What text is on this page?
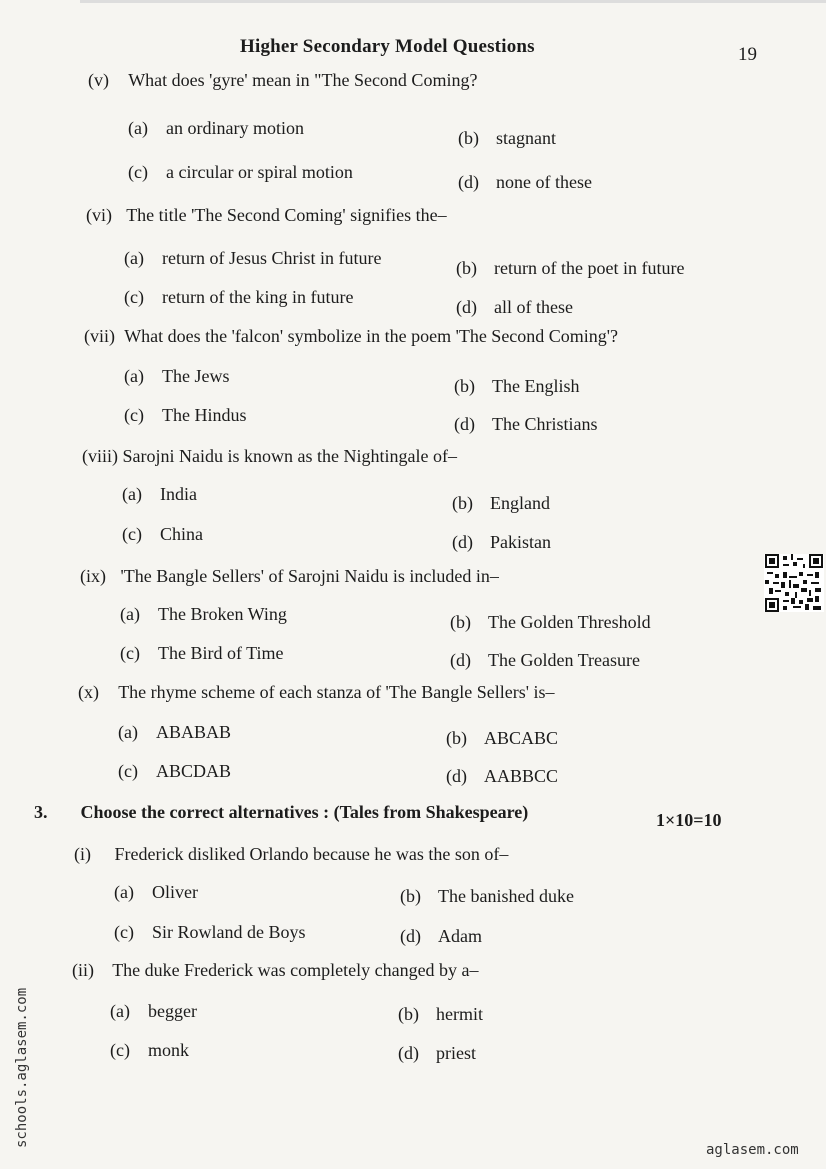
Higher Secondary Model Questions	19
(v) What does 'gyre' mean in "The Second Coming?
(a) an ordinary motion	(b) stagnant
(c) a circular or spiral motion	(d) none of these
(vi) The title 'The Second Coming' signifies the–
(a) return of Jesus Christ in future	(b) return of the poet in future
(c) return of the king in future	(d) all of these
(vii) What does the 'falcon' symbolize in the poem 'The Second Coming'?
(a) The Jews	(b) The English
(c) The Hindus	(d) The Christians
(viii) Sarojni Naidu is known as the Nightingale of–
(a) India	(b) England
(c) China	(d) Pakistan
(ix) 'The Bangle Sellers' of Sarojni Naidu is included in–
(a) The Broken Wing	(b) The Golden Threshold
(c) The Bird of Time	(d) The Golden Treasure
(x) The rhyme scheme of each stanza of 'The Bangle Sellers' is–
(a) ABABAB	(b) ABCABC
(c) ABCDAB	(d) AABBCC
3. Choose the correct alternatives : (Tales from Shakespeare)	1×10=10
(i) Frederick disliked Orlando because he was the son of–
(a) Oliver	(b) The banished duke
(c) Sir Rowland de Boys	(d) Adam
(ii) The duke Frederick was completely changed by a–
(a) begger	(b) hermit
(c) monk	(d) priest
schools.aglasem.com
aglasem.com
